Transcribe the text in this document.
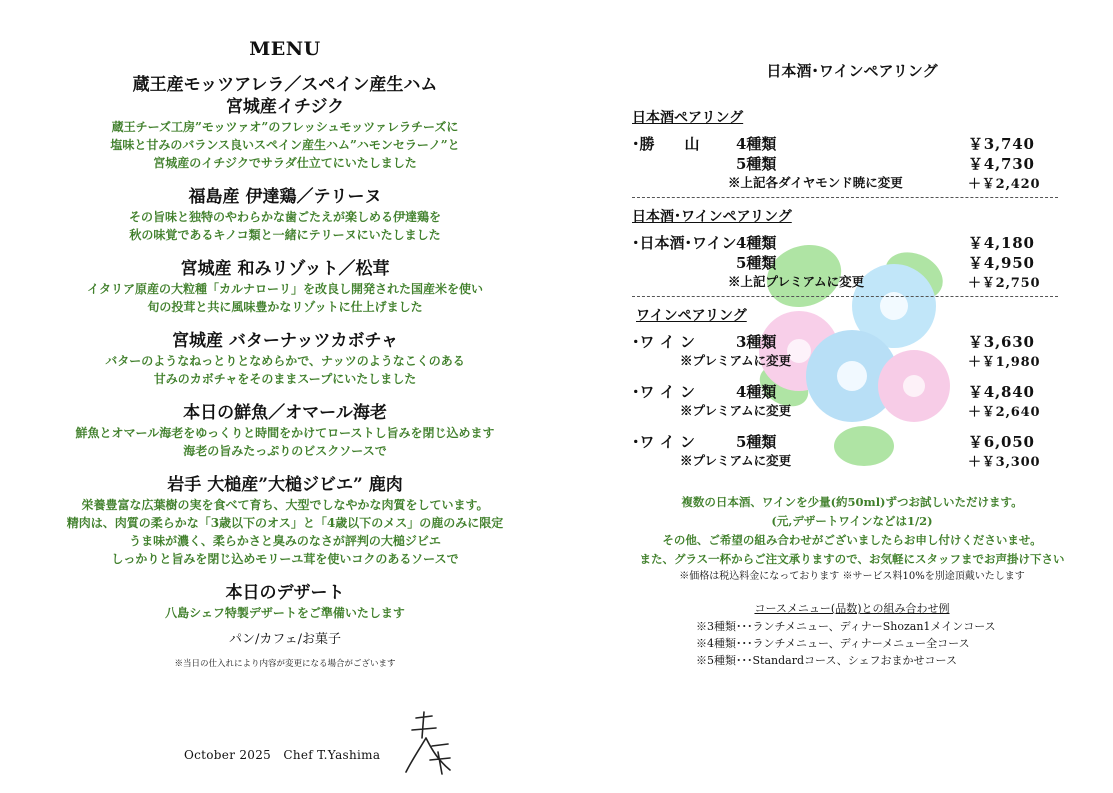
MENU
蔵王産モッツアレラ／スペイン産生ハム
宮城産イチジク
蔵王チーズ工房”モッツァオ”のフレッシュモッツァレラチーズに
塩味と甘みのバランス良いスペイン産生ハム”ハモンセラーノ”と
宮城産のイチジクでサラダ仕立てにいたしました
福島産 伊達鶏／テリーヌ
その旨味と独特のやわらかな歯ごたえが楽しめる伊達鶏を
秋の味覚であるキノコ類と一緒にテリーヌにいたしました
宮城産 和みリゾット／松茸
イタリア原産の大粒種「カルナローリ」を改良し開発された国産米を使い
旬の投茸と共に風味豊かなリゾットに仕上げました
宮城産 バターナッツカボチャ
バターのようなねっとりとなめらかで、ナッツのようなこくのある
甘みのカボチャをそのままスープにいたしました
本日の鮮魚／オマール海老
鮮魚とオマール海老をゆっくりと時間をかけてローストし旨みを閉じ込めます
海老の旨みたっぷりのビスクソースで
岩手 大槌産”大槌ジビエ” 鹿肉
栄養豊富な広葉樹の実を食べて育ち、大型でしなやかな肉質をしています。
精肉は、肉質の柔らかな「3歳以下のオス」と「4歳以下のメス」の鹿のみに限定
うま味が濃く、柔らかさと臭みのなさが評判の大槌ジビエ
しっかりと旨みを閉じ込めモリーユ茸を使いコクのあるソースで
本日のデザート
八島シェフ特製デザートをご準備いたします
パン/カフェ/お菓子
※当日の仕入れにより内容が変更になる場合がございます
October 2025　Chef T.Yashima
日本酒･ワインペアリング
日本酒ペアリング
･勝　　山 4種類	￥3,740
5種類	￥4,730
※上記各ダイヤモンド暁に変更	＋￥2,420
日本酒･ワインペアリング
･日本酒･ワイン 4種類	￥4,180
5種類	￥4,950
※上記プレミアムに変更	＋￥2,750
ワインペアリング
･ワ イ ン	3種類	￥3,630
※プレミアムに変更	＋￥1,980
･ワ イ ン	4種類	￥4,840
※プレミアムに変更	＋￥2,640
･ワ イ ン	5種類	￥6,050
※プレミアムに変更	＋￥3,300
複数の日本酒、ワインを少量(約50ml)ずつお試しいただけます。
(元,デザートワインなどは1/2)
その他、ご希望の組み合わせがございましたらお申し付けくださいませ。
また、グラス一杯からご注文承りますので、お気軽にスタッフまでお声掛け下さい
※価格は税込料金になっております ※サービス料10%を別途頂戴いたします
コースメニュー(品数)との組み合わせ例
※3種類･･･ランチメニュー、ディナーShozan1メインコース
※4種類･･･ランチメニュー、ディナーメニュー全コース
※5種類･･･Standardコース、シェフおまかせコース
